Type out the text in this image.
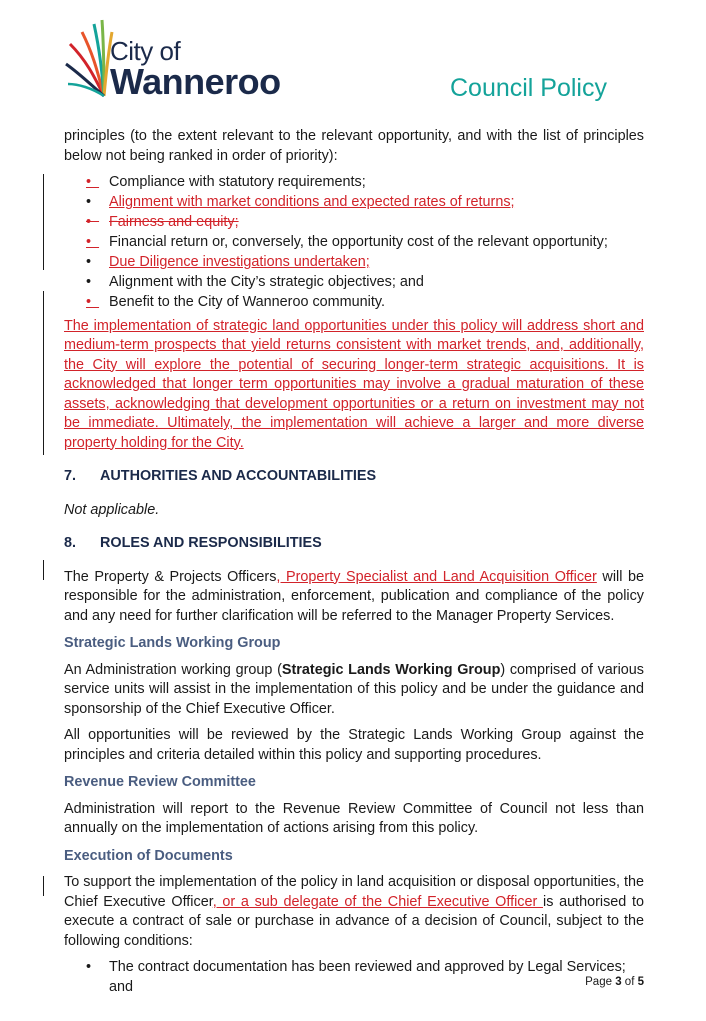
City of
Wanneroo	Council Policy

principles (to the extent relevant to the relevant opportunity, and with the list of principles below not being ranked in order of priority):

• Compliance with statutory requirements;
•	Alignment with market conditions and expected rates of returns;
• Fairness and equity;
• Financial return or, conversely, the opportunity cost of the relevant opportunity;
•	Due Diligence investigations undertaken;
•	Alignment with the City’s strategic objectives; and
• Benefit to the City of Wanneroo community.

The implementation of strategic land opportunities under this policy will address short and medium-term prospects that yield returns consistent with market trends, and, additionally, the City will explore the potential of securing longer-term strategic acquisitions. It is acknowledged that longer term opportunities may involve a gradual maturation of these assets, acknowledging that development opportunities or a return on investment may not be immediate. Ultimately, the implementation will achieve a larger and more diverse property holding for the City.

7. AUTHORITIES AND ACCOUNTABILITIES

Not applicable.

8. ROLES AND RESPONSIBILITIES

The Property & Projects Officers, Property Specialist and Land Acquisition Officer will be responsible for the administration, enforcement, publication and compliance of the policy and any need for further clarification will be referred to the Manager Property Services.

Strategic Lands Working Group

An Administration working group (Strategic Lands Working Group) comprised of various service units will assist in the implementation of this policy and be under the guidance and sponsorship of the Chief Executive Officer.

All opportunities will be reviewed by the Strategic Lands Working Group against the principles and criteria detailed within this policy and supporting procedures.

Revenue Review Committee

Administration will report to the Revenue Review Committee of Council not less than annually on the implementation of actions arising from this policy.

Execution of Documents

To support the implementation of the policy in land acquisition or disposal opportunities, the Chief Executive Officer, or a sub delegate of the Chief Executive Officer is authorised to execute a contract of sale or purchase in advance of a decision of Council, subject to the following conditions:

•	The contract documentation has been reviewed and approved by Legal Services; and	Page 3 of 5
